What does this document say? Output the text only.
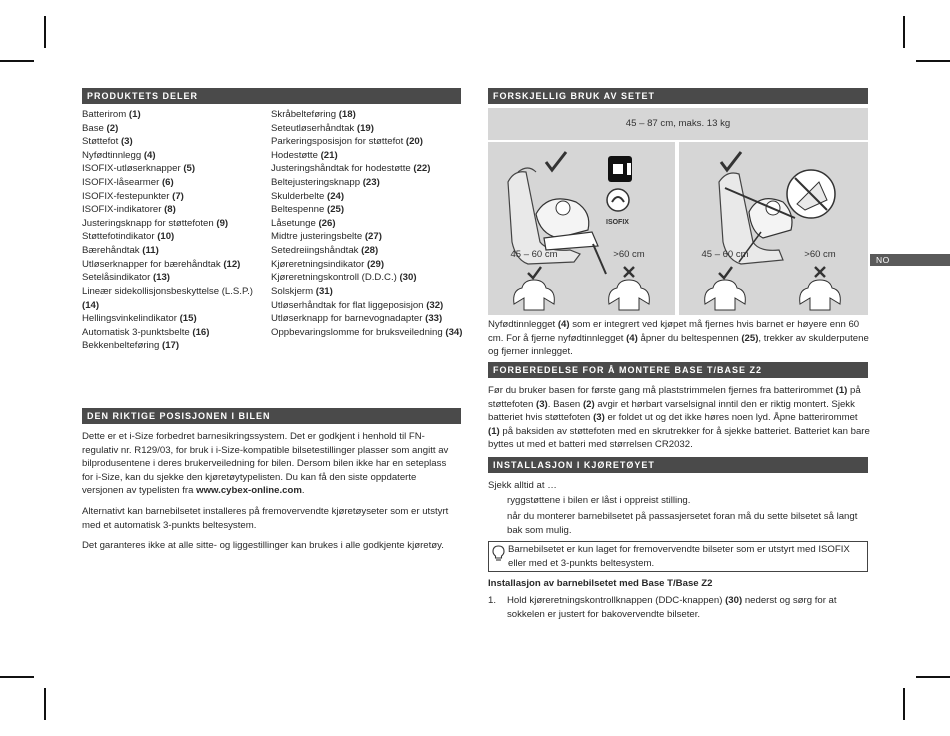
PRODUKTETS DELER
Batterirom (1)
Base (2)
Støttefot (3)
Nyfødtinnlegg (4)
ISOFIX-utløserknapper (5)
ISOFIX-låsearmer (6)
ISOFIX-festepunkter (7)
ISOFIX-indikatorer (8)
Justeringsknapp for støttefoten (9)
Støttefotindikator (10)
Bærehåndtak (11)
Utløserknapper for bærehåndtak (12)
Setelåsindikator (13)
Lineær sidekollisjonsbeskyttelse (L.S.P.) (14)
Hellingsvinkelindikator (15)
Automatisk 3-punktsbelte (16)
Bekkenbelteføring (17)
Skråbelteføring (18)
Seteutløserhåndtak (19)
Parkeringsposisjon for støttefot (20)
Hodestøtte (21)
Justeringshåndtak for hodestøtte (22)
Beltejusteringsknapp (23)
Skulderbelte (24)
Beltespenne (25)
Låsetunge (26)
Midtre justeringsbelte (27)
Setedreiingshåndtak (28)
Kjøreretningsindikator (29)
Kjøreretningskontroll (D.D.C.) (30)
Solskjerm (31)
Utløserhåndtak for flat liggeposisjon (32)
Utløserknapp for barnevognadapter (33)
Oppbevaringslomme for bruksveiledning (34)
DEN RIKTIGE POSISJONEN I BILEN

Dette er et i-Size forbedret barnesikringssystem. Det er godkjent i henhold til FN-regulativ nr. R129/03, for bruk i i-Size-kompatible bilsetestillinger plasser som angitt av bilprodusentene i deres brukerveiledning for bilen. Dersom bilen ikke har en seteplass for i-Size, kan du sjekke den kjøretøytypelisten. Du kan få den siste oppdaterte versjonen av typelisten fra www.cybex-online.com.

Alternativt kan barnebilsetet installeres på fremovervendte kjøretøyseter som er utstyrt med et automatisk 3-punkts beltesystem.

Det garanteres ikke at alle sitte- og liggestillinger kan brukes i alle godkjente kjøretøy.

FORSKJELLIG BRUK AV SETET
45 – 87 cm, maks. 13 kg
ISOFIX
45 – 60 cm	>60 cm	45 – 60 cm	>60 cm

Nyfødtinnlegget (4) som er integrert ved kjøpet må fjernes hvis barnet er høyere enn 60 cm. For å fjerne nyfødtinnlegget (4) åpner du beltespennen (25), trekker av skulderputene og fjerner innlegget.

FORBEREDELSE FOR Å MONTERE BASE T/BASE Z2

Før du bruker basen for første gang må plaststrimmelen fjernes fra batterirommet (1) på støttefoten (3). Basen (2) avgir et hørbart varselsignal inntil den er riktig montert. Sjekk batteriet hvis støttefoten (3) er foldet ut og det ikke høres noen lyd. Åpne batterirommet (1) på baksiden av støttefoten med en skrutrekker for å sjekke batteriet. Batteriet kan bare byttes ut med et batteri med størrelsen CR2032.

INSTALLASJON I KJØRETØYET
Sjekk alltid at …
ryggstøttene i bilen er låst i oppreist stilling.
når du monterer barnebilsetet på passasjersetet foran må du sette bilsetet så langt bak som mulig.
Barnebilsetet er kun laget for fremovervendte bilseter som er utstyrt med ISOFIX eller med et 3-punkts beltesystem.
Installasjon av barnebilsetet med Base T/Base Z2
1. Hold kjøreretningskontrollknappen (DDC-knappen) (30) nederst og sørg for at sokkelen er justert for bakovervendte bilseter.

NO
